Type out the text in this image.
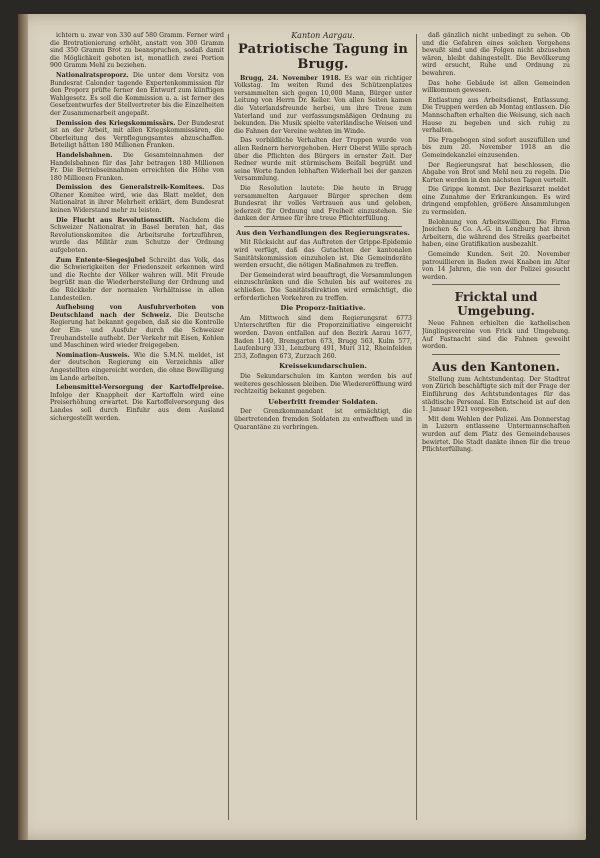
ichtern u. zwar von 330 auf 580 Gramm. Ferner wird die Brotrationierung erhöht, anstatt von 300 Gramm sind 350 Gramm Brot zu beanspruchen, sodaß damit die Möglichkeit geboten ist, monatlich zwei Portion 900 Gramm Mehl zu beziehen.

Nationalratsproporz. Die unter dem Vorsitz von Bundesrat Calonder tagende Expertenkommission für den Proporz prüfte ferner den Entwurf zum künftigen Wahlgesetz. Es soll die Kommission u. a. ist ferner des Gesetzentwurfes der Stellvertreter bis die Einzelheiten der Zusammenarbeit angepaßt.

Demission des Kriegskommissärs. Der Bundesrat ist an der Arbeit, mit allen Kriegskommissären, die Oberleitung des Verpflegungsamtes abzuschaffen. Beteiligt hätten 180 Millionen Franken.

Handelsbahnen. Die Gesamteinnahmen der Handelsbahnen für das Jahr betragen 180 Millionen Fr. Die Betriebseinnahmen erreichten die Höhe von 180 Millionen Franken.

Demission des Generalstreik-Komitees. Das Oltener Komitee wird, wie das Blatt meldet, den Nationalrat in ihrer Mehrheit erklärt, dem Bundesrat keinen Widerstand mehr zu leisten.

Die Flucht aus Revolutionsstift. Nachdem die Schweizer Nationalrat in Basel beraten hat, das Revolutionskomitee die Arbeitsruhe fortzuführen, wurde das Militär zum Schutze der Ordnung aufgeboten.

Zum Entente-Siegesjubel Schreibt das Volk, das die Schwierigkeiten der Friedenszeit erkennen wird und die Rechte der Völker wahren will. Mit Freude begrüßt man die Wiederherstellung der Ordnung und die Rückkehr der normalen Verhältnisse in allen Landesteilen.

Aufhebung von Ausfuhrverboten von Deutschland nach der Schweiz. Die Deutsche Regierung hat bekannt gegeben, daß sie die Kontrolle der Ein- und Ausfuhr durch die Schweizer Treuhandstelle aufhebt. Der Verkehr mit Eisen, Kohlen und Maschinen wird wieder freigegeben.

Nomination-Ausweis. Wie die S.M.N. meldet, ist der deutschen Regierung ein Verzeichnis aller Angestellten eingereicht worden, die ohne Bewilligung im Lande arbeiten.

Lebensmittel-Versorgung der Kartoffelpreise. Infolge der Knappheit der Kartoffeln wird eine Preiserhöhung erwartet. Die Kartoffelversorgung des Landes soll durch Einfuhr aus dem Ausland sichergestellt werden.

Kanton Aargau.
Patriotische Tagung in Brugg.

Brugg, 24. November 1918. Es war ein richtiger Volkstag. Im weiten Rund des Schützenplatzes versammelten sich gegen 10,000 Mann, Bürger unter Leitung von Herrn Dr. Keller. Von allen Seiten kamen die Vaterlandsfreunde herbei, um ihre Treue zum Vaterland und zur verfassungsmäßigen Ordnung zu bekunden. Die Musik spielte vaterländische Weisen und die Fahnen der Vereine wehten im Winde.

Das vorbildliche Verhalten der Truppen wurde von allen Rednern hervorgehoben. Herr Oberst Wille sprach über die Pflichten des Bürgers in ernster Zeit. Der Redner wurde mit stürmischem Beifall begrüßt und seine Worte fanden lebhaften Widerhall bei der ganzen Versammlung.

Die Resolution lautete: Die heute in Brugg versammelten Aargauer Bürger sprechen dem Bundesrat ihr volles Vertrauen aus und geloben, jederzeit für Ordnung und Freiheit einzustehen. Sie danken der Armee für ihre treue Pflichterfüllung.

Aus den Verhandlungen des Regierungsrates.

Mit Rücksicht auf das Auftreten der Grippe-Epidemie wird verfügt, daß das Gutachten der kantonalen Sanitätskommission einzuholen ist. Die Gemeinderäte werden ersucht, die nötigen Maßnahmen zu treffen.

Der Gemeinderat wird beauftragt, die Versammlungen einzuschränken und die Schulen bis auf weiteres zu schließen. Die Sanitätsdirektion wird ermächtigt, die erforderlichen Vorkehren zu treffen.

Die Proporz-Initiative.

Am Mittwoch sind dem Regierungsrat 6773 Unterschriften für die Proporzinitiative eingereicht worden. Davon entfallen auf den Bezirk Aarau 1677, Baden 1140, Bremgarten 673, Brugg 563, Kulm 577, Laufenburg 331, Lenzburg 491, Muri 312, Rheinfelden 253, Zofingen 673, Zurzach 260.

Kreissekundarschulen.

Die Sekundarschulen im Kanton werden bis auf weiteres geschlossen bleiben. Die Wiedereröffnung wird rechtzeitig bekannt gegeben.

Ueberfritt fremder Soldaten.

Der Grenzkommandant ist ermächtigt, die übertretenden fremden Soldaten zu entwaffnen und in Quarantäne zu verbringen.

daß gänzlich nicht unbedingt zu sehen. Ob und die Gefahren eines solchen Vorgehens bewußt sind und die Folgen nicht abzusehen wären, bleibt dahingestellt. Die Bevölkerung wird ersucht, Ruhe und Ordnung zu bewahren.

Das hohe Gebäude ist allen Gemeinden willkommen gewesen.

Entlastung aus Arbeitsdienst, Entlassung. Die Truppen werden ab Montag entlassen. Die Mannschaften erhalten die Weisung, sich nach Hause zu begeben und sich ruhig zu verhalten.

Die Fragebogen sind sofort auszufüllen und bis zum 20. November 1918 an die Gemeindekanzlei einzusenden.

Der Regierungsrat hat beschlossen, die Abgabe von Brot und Mehl neu zu regeln. Die Karten werden in den nächsten Tagen verteilt.

Die Grippe kommt. Der Bezirksarzt meldet eine Zunahme der Erkrankungen. Es wird dringend empfohlen, größere Ansammlungen zu vermeiden.

Belohnung von Arbeitswilligen. Die Firma Jneichen & Co. A.-G. in Lenzburg hat ihren Arbeitern, die während des Streiks gearbeitet haben, eine Gratifikation ausbezahlt.

Gemeinde Kunden. Seit 20. November patrouillieren in Baden zwei Knaben im Alter von 14 Jahren, die von der Polizei gesucht werden.

Fricktal und Umgebung.

Neue Fahnen erhielten die katholischen Jünglingsvereine von Frick und Umgebung. Auf Fastnacht sind die Fahnen geweiht worden.

Aus den Kantonen.

Stellung zum Achtstundentag. Der Stadtrat von Zürich beschäftigte sich mit der Frage der Einführung des Achtstundentages für das städtische Personal. Ein Entscheid ist auf den 1. Januar 1921 vorgesehen.

Mit dem Wehlen der Polizei. Am Donnerstag in Luzern entlassene Untermannschaften wurden auf dem Platz des Gemeindehauses bewirtet. Die Stadt dankte ihnen für die treue Pflichterfüllung.
